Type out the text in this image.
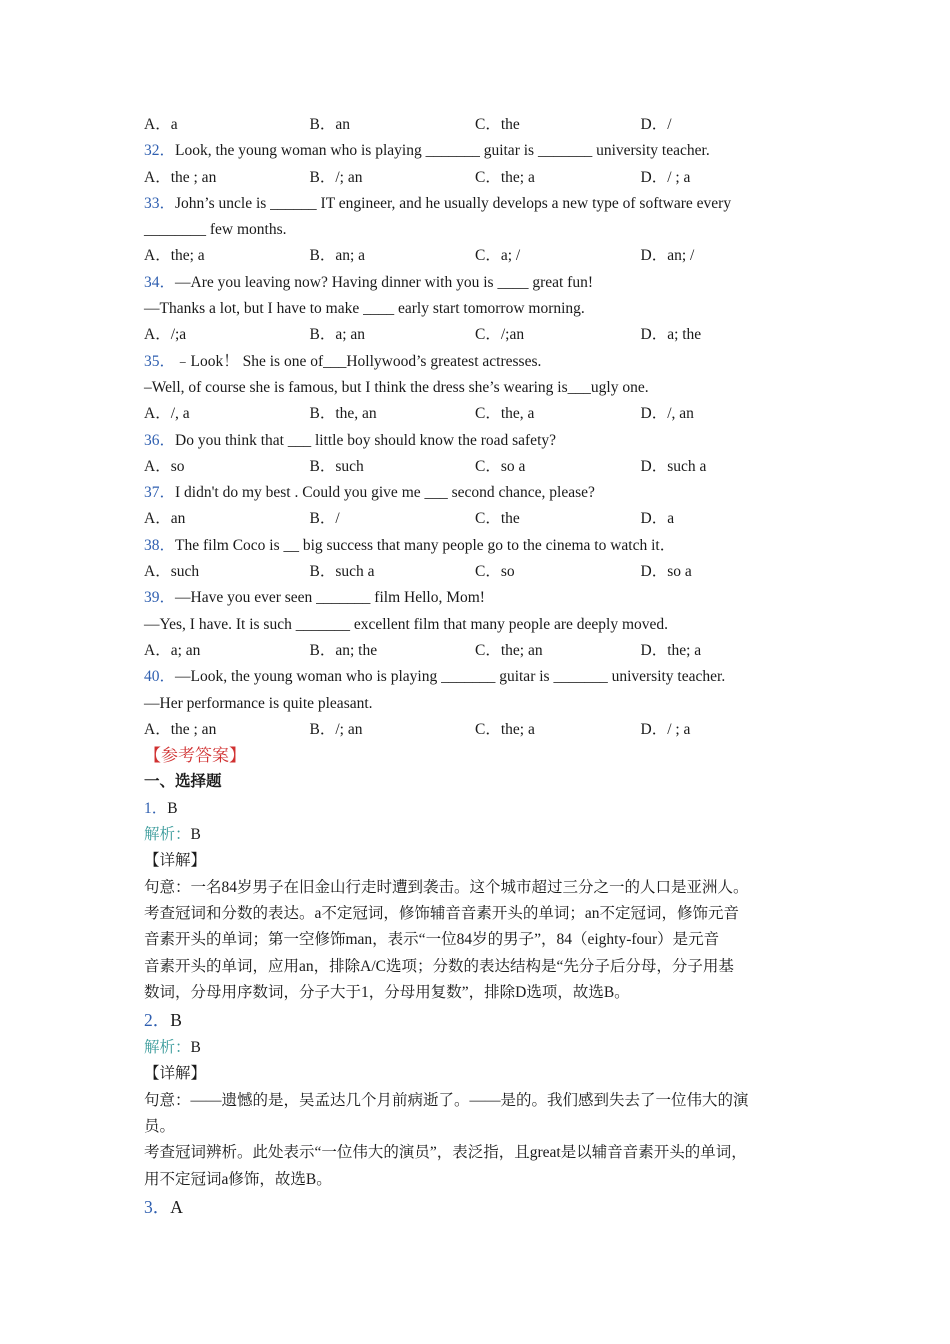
A．a	B．an	C．the	D．/
32．Look, the young woman who is playing _______ guitar is _______ university teacher.
A．the ; an	B．/; an	C．the; a	D．/ ; a
33．John’s uncle is ______ IT engineer, and he usually develops a new type of software every
________ few months.
A．the; a	B．an; a	C．a; /	D．an; /
34．—Are you leaving now? Having dinner with you is ____ great fun!
—Thanks a lot, but I have to make ____ early start tomorrow morning.
A．/;a	B．a; an	C．/;an	D．a; the
35．﹣Look！ She is one of___Hollywood’s greatest actresses.
–Well, of course she is famous, but I think the dress she’s wearing is___ugly one.
A．/, a	B．the, an	C．the, a	D．/, an
36．Do you think that ___ little boy should know the road safety?
A．so	B．such	C．so a	D．such a
37．I didn't do my best . Could you give me ___ second chance, please?
A．an	B．/	C．the	D．a
38．The film Coco is __ big success that many people go to the cinema to watch it．
A．such	B．such a	C．so	D．so a
39．—Have you ever seen _______ film Hello, Mom!
—Yes, I have. It is such _______ excellent film that many people are deeply moved.
A．a; an	B．an; the	C．the; an	D．the; a
40．—Look, the young woman who is playing _______ guitar is _______ university teacher.
—Her performance is quite pleasant.
A．the ; an	B．/; an	C．the; a	D．/ ; a
【参考答案】
一、选择题
1．B
解析：B
【详解】
句意：一名84岁男子在旧金山行走时遭到袭击。这个城市超过三分之一的人口是亚洲人。
考查冠词和分数的表达。a不定冠词，修饰辅音音素开头的单词；an不定冠词，修饰元音
音素开头的单词；第一空修饰man，表示“一位84岁的男子”，84（eighty-four）是元音
音素开头的单词，应用an，排除A/C选项；分数的表达结构是“先分子后分母，分子用基
数词，分母用序数词，分子大于1，分母用复数”，排除D选项，故选B。
2．B
解析：B
【详解】
句意：——遗憾的是，吴孟达几个月前病逝了。——是的。我们感到失去了一位伟大的演
员。
考查冠词辨析。此处表示“一位伟大的演员”，表泛指，且great是以辅音音素开头的单词，
用不定冠词a修饰，故选B。
3．A
